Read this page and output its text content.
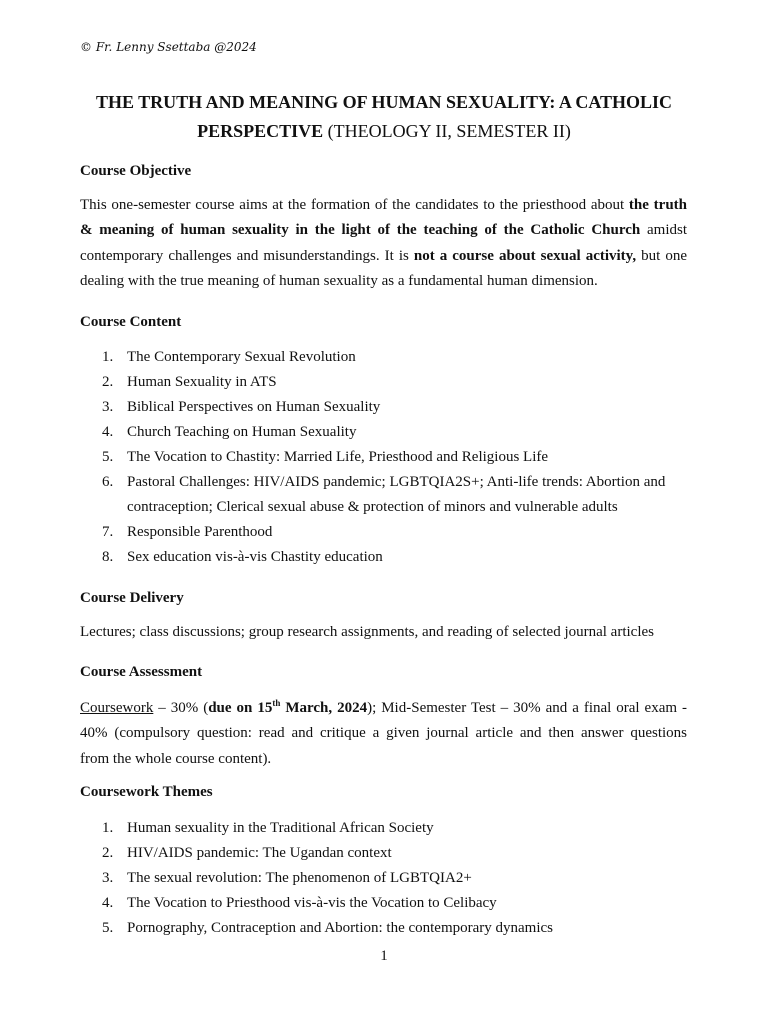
© Fr. Lenny Ssettaba @2024
THE TRUTH AND MEANING OF HUMAN SEXUALITY: A CATHOLIC
PERSPECTIVE (THEOLOGY II, SEMESTER II)
Course Objective
This one-semester course aims at the formation of the candidates to the priesthood about the truth
& meaning of human sexuality in the light of the teaching of the Catholic Church amidst
contemporary challenges and misunderstandings. It is not a course about sexual activity, but one
dealing with the true meaning of human sexuality as a fundamental human dimension.
Course Content
1. The Contemporary Sexual Revolution
2. Human Sexuality in ATS
3. Biblical Perspectives on Human Sexuality
4. Church Teaching on Human Sexuality
5. The Vocation to Chastity: Married Life, Priesthood and Religious Life
6. Pastoral Challenges: HIV/AIDS pandemic; LGBTQIA2S+; Anti-life trends: Abortion and
contraception; Clerical sexual abuse & protection of minors and vulnerable adults
7. Responsible Parenthood
8. Sex education vis-à-vis Chastity education
Course Delivery
Lectures; class discussions; group research assignments, and reading of selected journal articles
Course Assessment
Coursework – 30% (due on 15th March, 2024); Mid-Semester Test – 30% and a final oral exam -
40% (compulsory question: read and critique a given journal article and then answer questions
from the whole course content).
Coursework Themes
1. Human sexuality in the Traditional African Society
2. HIV/AIDS pandemic: The Ugandan context
3. The sexual revolution: The phenomenon of LGBTQIA2+
4. The Vocation to Priesthood vis-à-vis the Vocation to Celibacy
5. Pornography, Contraception and Abortion: the contemporary dynamics
1
